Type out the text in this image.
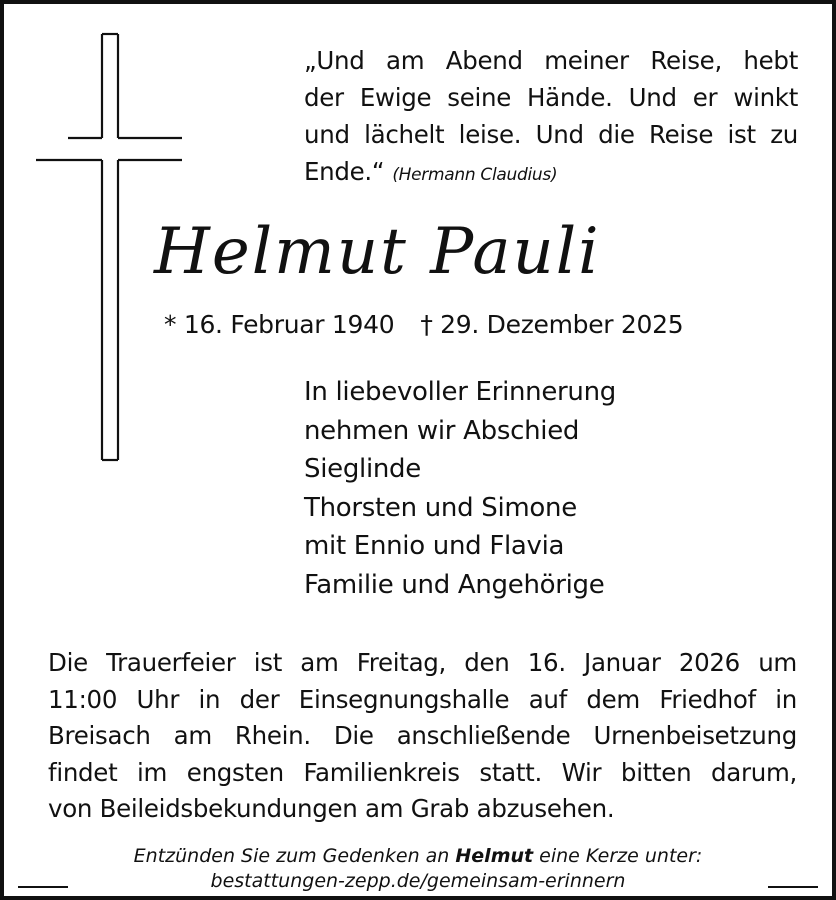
„Und am Abend meiner Reise, hebt
der Ewige seine Hände. Und er winkt
und lächelt leise. Und die Reise ist zu
Ende.“ (Hermann Claudius)
Helmut Pauli
* 16. Februar 1940 † 29. Dezember 2025
In liebevoller Erinnerung
nehmen wir Abschied
Sieglinde
Thorsten und Simone
mit Ennio und Flavia
Familie und Angehörige
Die Trauerfeier ist am Freitag, den 16. Januar 2026 um
11:00 Uhr in der Einsegnungshalle auf dem Friedhof in
Breisach am Rhein. Die anschließende Urnenbeisetzung
findet im engsten Familienkreis statt. Wir bitten darum,
von Beileidsbekundungen am Grab abzusehen.
Entzünden Sie zum Gedenken an Helmut eine Kerze unter:
bestattungen-zepp.de/gemeinsam-erinnern
